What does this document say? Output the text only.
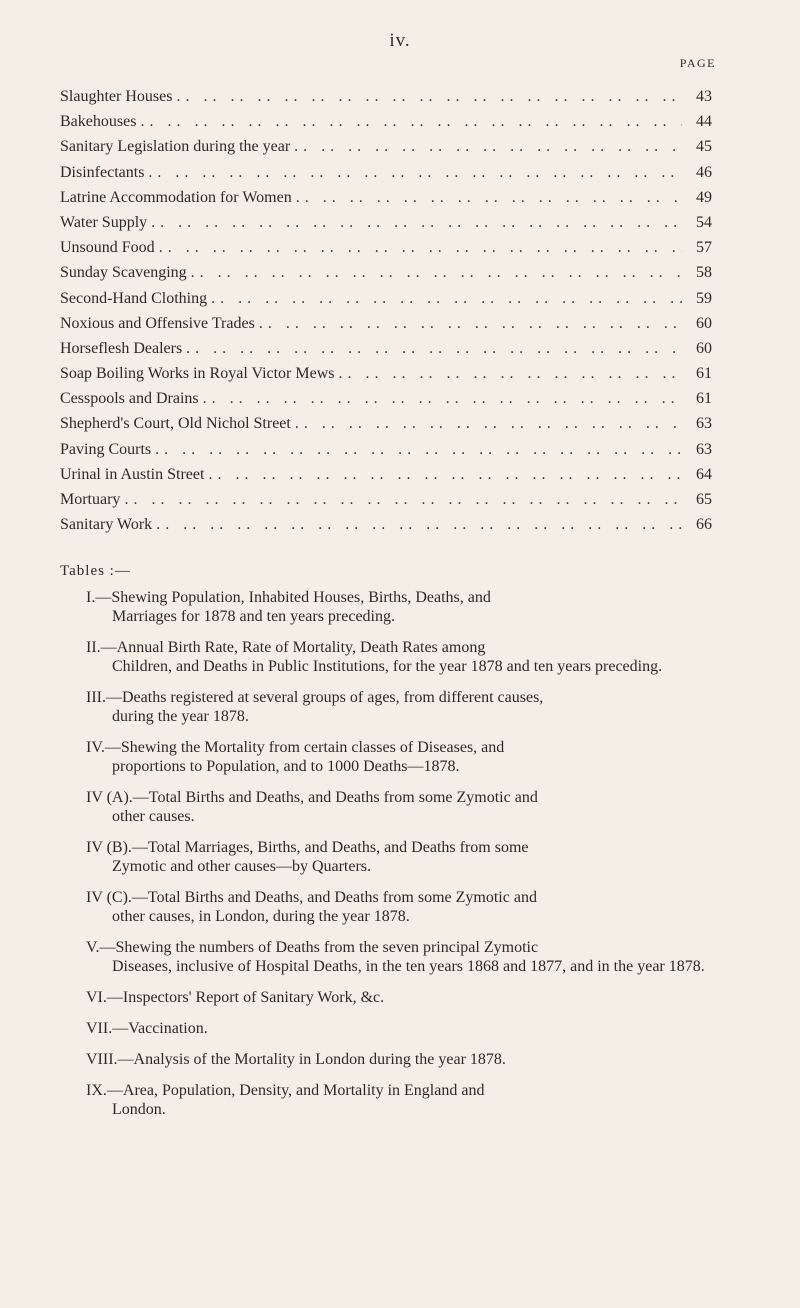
iv.
PAGE
Slaughter Houses .. ..	43
Bakehouses .. ..	44
Sanitary Legislation during the year .. ..	45
Disinfectants .. ..	46
Latrine Accommodation for Women .. ..	49
Water Supply .. ..	54
Unsound Food .. ..	57
Sunday Scavenging .. ..	58
Second-Hand Clothing .. ..	59
Noxious and Offensive Trades .. ..	60
Horseflesh Dealers .. ..	60
Soap Boiling Works in Royal Victor Mews .. ..	61
Cesspools and Drains .. ..	61
Shepherd's Court, Old Nichol Street .. ..	63
Paving Courts .. ..	63
Urinal in Austin Street .. ..	64
Mortuary .. ..	65
Sanitary Work .. ..	66
Tables :—
I.—Shewing Population, Inhabited Houses, Births, Deaths, and
Marriages for 1878 and ten years preceding.
II.—Annual Birth Rate, Rate of Mortality, Death Rates among
Children, and Deaths in Public Institutions, for the year 1878 and ten years preceding.
III.—Deaths registered at several groups of ages, from different causes,
during the year 1878.
IV.—Shewing the Mortality from certain classes of Diseases, and
proportions to Population, and to 1000 Deaths—1878.
IV (A).—Total Births and Deaths, and Deaths from some Zymotic and
other causes.
IV (B).—Total Marriages, Births, and Deaths, and Deaths from some
Zymotic and other causes—by Quarters.
IV (C).—Total Births and Deaths, and Deaths from some Zymotic and
other causes, in London, during the year 1878.
V.—Shewing the numbers of Deaths from the seven principal Zymotic
Diseases, inclusive of Hospital Deaths, in the ten years 1868 and 1877, and in the year 1878.
VI.—Inspectors' Report of Sanitary Work, &c.
VII.—Vaccination.
VIII.—Analysis of the Mortality in London during the year 1878.
IX.—Area, Population, Density, and Mortality in England and
London.
